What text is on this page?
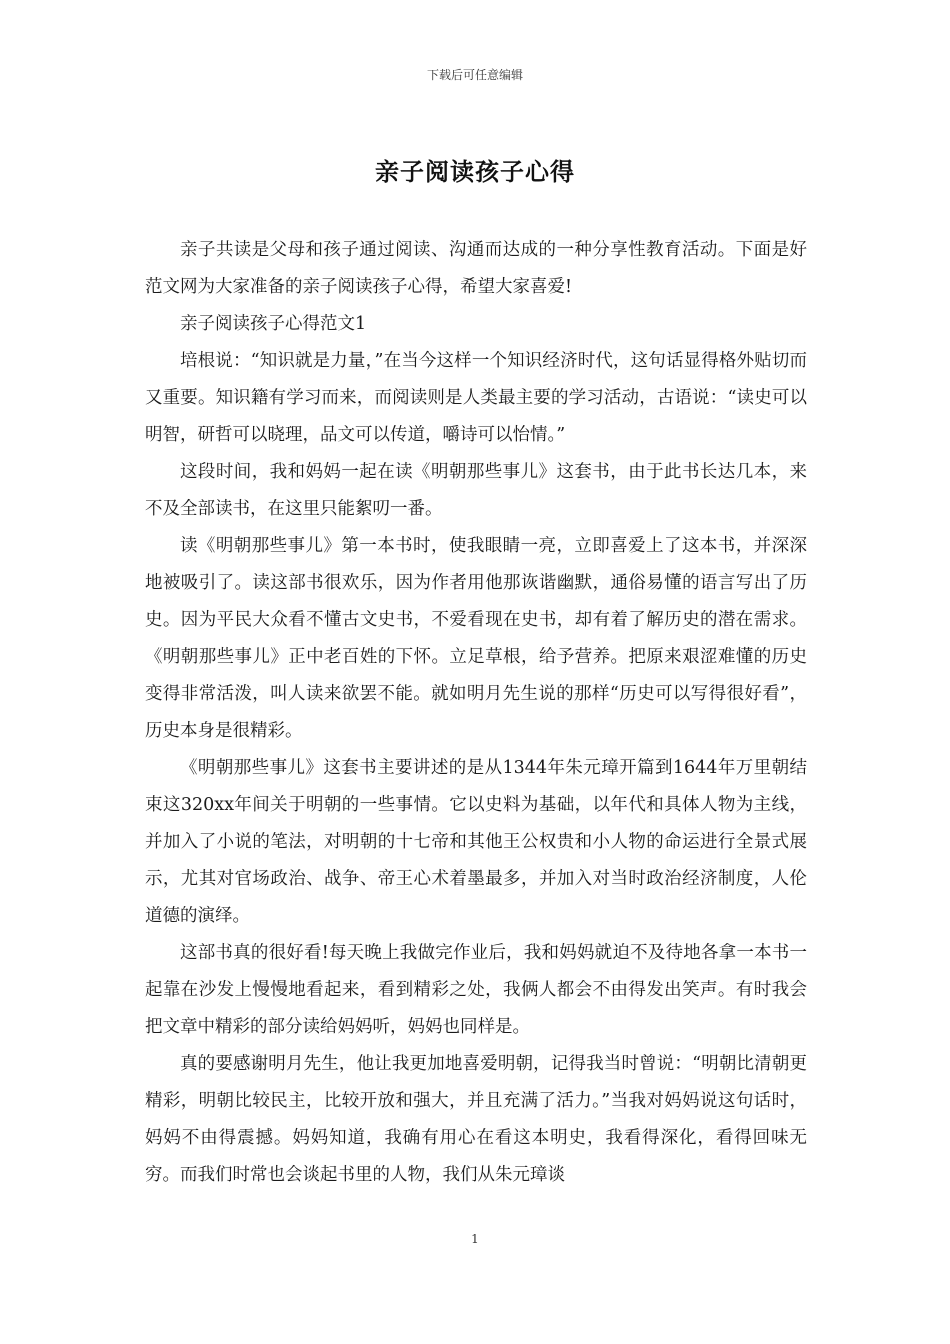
下载后可任意编辑
亲子阅读孩子心得

亲子共读是父母和孩子通过阅读、沟通而达成的一种分享性教育活动。下面是好范文网为大家准备的亲子阅读孩子心得，希望大家喜爱!

亲子阅读孩子心得范文1

培根说：“知识就是力量，”在当今这样一个知识经济时代，这句话显得格外贴切而又重要。知识籍有学习而来，而阅读则是人类最主要的学习活动，古语说：“读史可以明智，研哲可以晓理，品文可以传道，嚼诗可以怡情。”

这段时间，我和妈妈一起在读《明朝那些事儿》这套书，由于此书长达几本，来不及全部读书，在这里只能絮叨一番。

读《明朝那些事儿》第一本书时，使我眼睛一亮，立即喜爱上了这本书，并深深地被吸引了。读这部书很欢乐，因为作者用他那诙谐幽默，通俗易懂的语言写出了历史。因为平民大众看不懂古文史书，不爱看现在史书，却有着了解历史的潜在需求。《明朝那些事儿》正中老百姓的下怀。立足草根，给予营养。把原来艰涩难懂的历史变得非常活泼，叫人读来欲罢不能。就如明月先生说的那样“历史可以写得很好看”，历史本身是很精彩。

《明朝那些事儿》这套书主要讲述的是从1344年朱元璋开篇到1644年万里朝结束这320xx年间关于明朝的一些事情。它以史料为基础，以年代和具体人物为主线，并加入了小说的笔法，对明朝的十七帝和其他王公权贵和小人物的命运进行全景式展示，尤其对官场政治、战争、帝王心术着墨最多，并加入对当时政治经济制度，人伦道德的演绎。

这部书真的很好看!每天晚上我做完作业后，我和妈妈就迫不及待地各拿一本书一起靠在沙发上慢慢地看起来，看到精彩之处，我俩人都会不由得发出笑声。有时我会把文章中精彩的部分读给妈妈听，妈妈也同样是。

真的要感谢明月先生，他让我更加地喜爱明朝，记得我当时曾说：“明朝比清朝更精彩，明朝比较民主，比较开放和强大，并且充满了活力。”当我对妈妈说这句话时，妈妈不由得震撼。妈妈知道，我确有用心在看这本明史，我看得深化，看得回味无穷。而我们时常也会谈起书里的人物，我们从朱元璋谈

1
